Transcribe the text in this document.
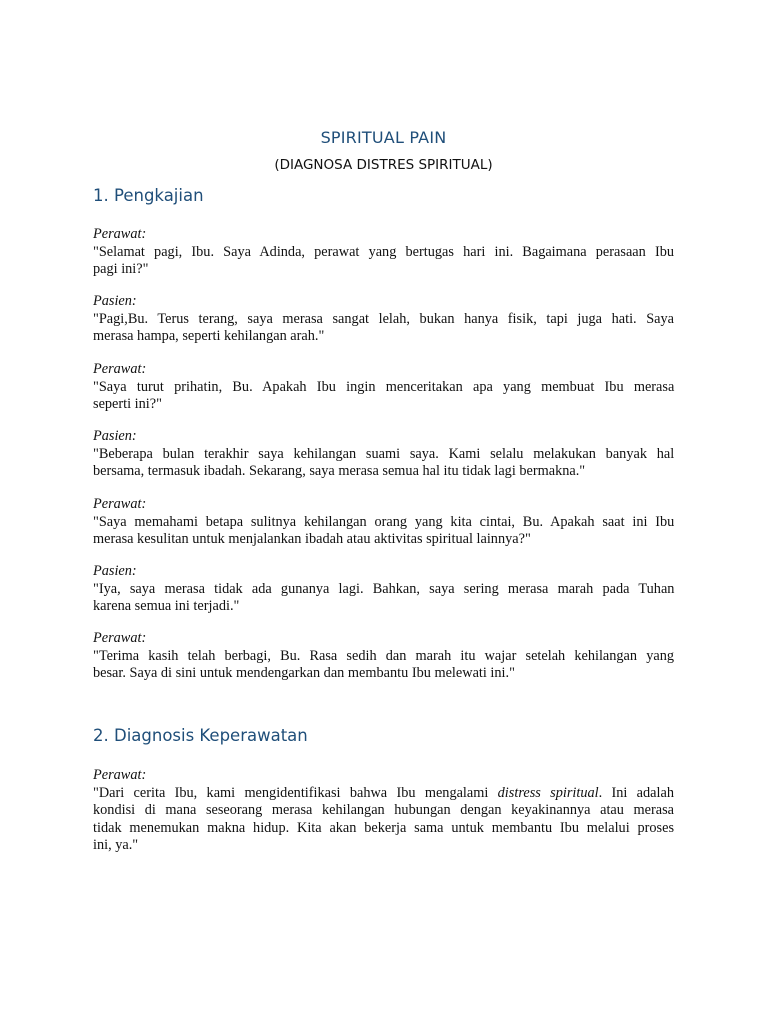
SPIRITUAL PAIN
(DIAGNOSA DISTRES SPIRITUAL)
1. Pengkajian
Perawat:
"Selamat pagi, Ibu. Saya Adinda, perawat yang bertugas hari ini. Bagaimana perasaan Ibu
pagi ini?"
Pasien:
"Pagi,Bu. Terus terang, saya merasa sangat lelah, bukan hanya fisik, tapi juga hati. Saya
merasa hampa, seperti kehilangan arah."
Perawat:
"Saya turut prihatin, Bu. Apakah Ibu ingin menceritakan apa yang membuat Ibu merasa
seperti ini?"
Pasien:
"Beberapa bulan terakhir saya kehilangan suami saya. Kami selalu melakukan banyak hal
bersama, termasuk ibadah. Sekarang, saya merasa semua hal itu tidak lagi bermakna."
Perawat:
"Saya memahami betapa sulitnya kehilangan orang yang kita cintai, Bu. Apakah saat ini Ibu
merasa kesulitan untuk menjalankan ibadah atau aktivitas spiritual lainnya?"
Pasien:
"Iya, saya merasa tidak ada gunanya lagi. Bahkan, saya sering merasa marah pada Tuhan
karena semua ini terjadi."
Perawat:
"Terima kasih telah berbagi, Bu. Rasa sedih dan marah itu wajar setelah kehilangan yang
besar. Saya di sini untuk mendengarkan dan membantu Ibu melewati ini."
2. Diagnosis Keperawatan
Perawat:
"Dari cerita Ibu, kami mengidentifikasi bahwa Ibu mengalami distress spiritual. Ini adalah
kondisi di mana seseorang merasa kehilangan hubungan dengan keyakinannya atau merasa
tidak menemukan makna hidup. Kita akan bekerja sama untuk membantu Ibu melalui proses
ini, ya."
